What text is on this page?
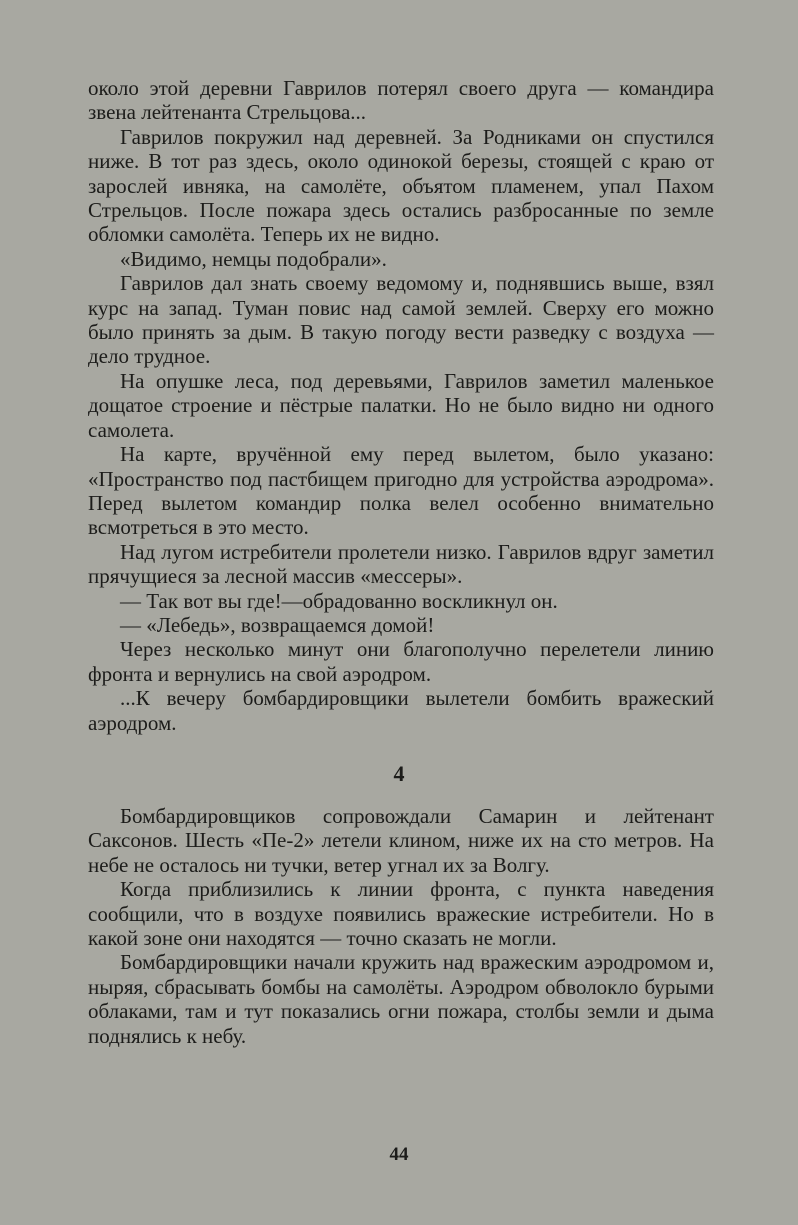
около этой деревни Гаврилов потерял своего друга — командира звена лейтенанта Стрельцова...

Гаврилов покружил над деревней. За Родниками он спустился ниже. В тот раз здесь, около одинокой березы, стоящей с краю от зарослей ивняка, на самолёте, объятом пламенем, упал Пахом Стрельцов. После пожара здесь остались разбросанные по земле обломки самолёта. Теперь их не видно.

«Видимо, немцы подобрали».

Гаврилов дал знать своему ведомому и, поднявшись выше, взял курс на запад. Туман повис над самой землей. Сверху его можно было принять за дым. В такую погоду вести разведку с воздуха — дело трудное.

На опушке леса, под деревьями, Гаврилов заметил маленькое дощатое строение и пёстрые палатки. Но не было видно ни одного самолета.

На карте, вручённой ему перед вылетом, было указано: «Пространство под пастбищем пригодно для устройства аэродрома». Перед вылетом командир полка велел особенно внимательно всмотреться в это место.

Над лугом истребители пролетели низко. Гаврилов вдруг заметил прячущиеся за лесной массив «мессеры».

— Так вот вы где!—обрадованно воскликнул он.

— «Лебедь», возвращаемся домой!

Через несколько минут они благополучно перелетели линию фронта и вернулись на свой аэродром.

...К вечеру бомбардировщики вылетели бомбить вражеский аэродром.

4

Бомбардировщиков сопровождали Самарин и лейтенант Саксонов. Шесть «Пе-2» летели клином, ниже их на сто метров. На небе не осталось ни тучки, ветер угнал их за Волгу.

Когда приблизились к линии фронта, с пункта наведения сообщили, что в воздухе появились вражеские истребители. Но в какой зоне они находятся — точно сказать не могли.

Бомбардировщики начали кружить над вражеским аэродромом и, ныряя, сбрасывать бомбы на самолёты. Аэродром обволокло бурыми облаками, там и тут показались огни пожара, столбы земли и дыма поднялись к небу.

44
